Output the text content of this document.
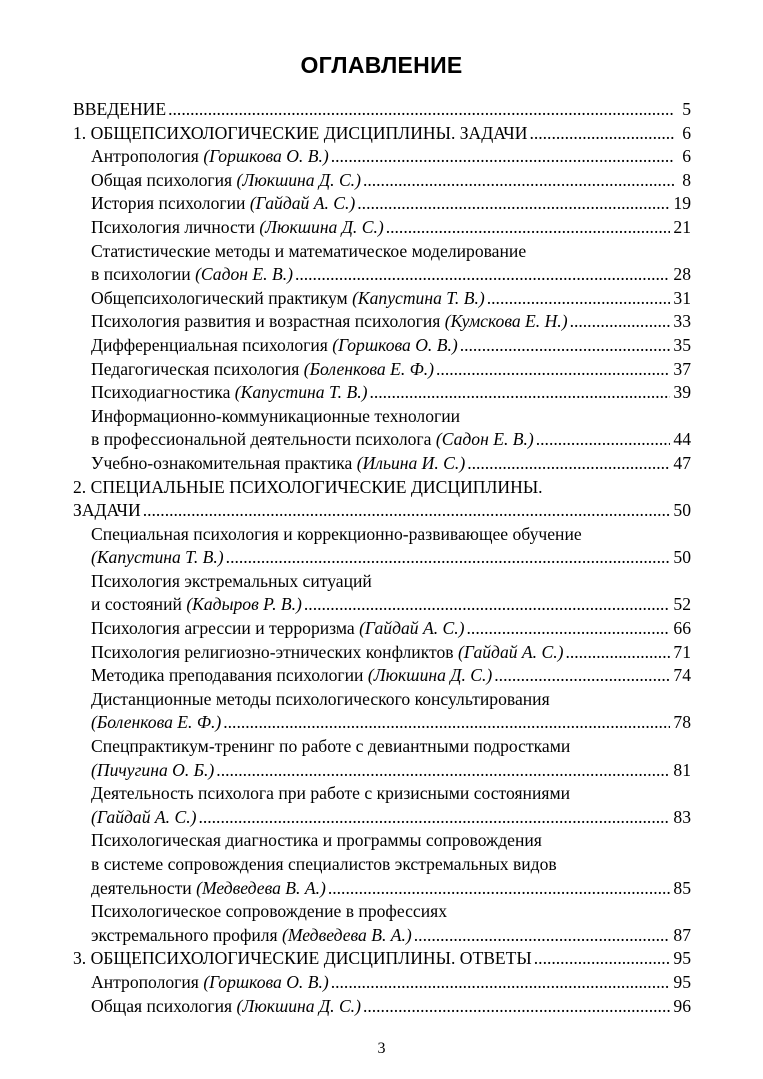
ОГЛАВЛЕНИЕ
ВВЕДЕНИЕ . . .	5
1. ОБЩЕПСИХОЛОГИЧЕСКИЕ ДИСЦИПЛИНЫ. ЗАДАЧИ . . .	6
Антропология (Горшкова О. В.) . . .	6
Общая психология (Люкшина Д. С.) . . .	8
История психологии (Гайдай А. С.) . . .	19
Психология личности (Люкшина Д. С.) . . .	21
Статистические методы и математическое моделирование
в психологии (Садон Е. В.) . . .	28
Общепсихологический практикум (Капустина Т. В.) . . .	31
Психология развития и возрастная психология (Кумскова Е. Н.) . . .	33
Дифференциальная психология (Горшкова О. В.) . . .	35
Педагогическая психология (Боленкова Е. Ф.) . . .	37
Психодиагностика (Капустина Т. В.) . . .	39
Информационно-коммуникационные технологии
в профессиональной деятельности психолога (Садон Е. В.) . . .	44
Учебно-ознакомительная практика (Ильина И. С.) . . .	47
2. СПЕЦИАЛЬНЫЕ ПСИХОЛОГИЧЕСКИЕ ДИСЦИПЛИНЫ.
ЗАДАЧИ . . .	50
Специальная психология и коррекционно-развивающее обучение
(Капустина Т. В.) . . .	50
Психология экстремальных ситуаций
и состояний (Кадыров Р. В.) . . .	52
Психология агрессии и терроризма (Гайдай А. С.) . . .	66
Психология религиозно-этнических конфликтов (Гайдай А. С.) . . .	71
Методика преподавания психологии (Люкшина Д. С.) . . .	74
Дистанционные методы психологического консультирования
(Боленкова Е. Ф.) . . .	78
Спецпрактикум-тренинг по работе с девиантными подростками
(Пичугина О. Б.) . . .	81
Деятельность психолога при работе с кризисными состояниями
(Гайдай А. С.) . . .	83
Психологическая диагностика и программы сопровождения
в системе сопровождения специалистов экстремальных видов
деятельности (Медведева В. А.) . . .	85
Психологическое сопровождение в профессиях
экстремального профиля (Медведева В. А.) . . .	87
3. ОБЩЕПСИХОЛОГИЧЕСКИЕ ДИСЦИПЛИНЫ. ОТВЕТЫ . . .	95
Антропология (Горшкова О. В.) . . .	95
Общая психология (Люкшина Д. С.) . . .	96
3
